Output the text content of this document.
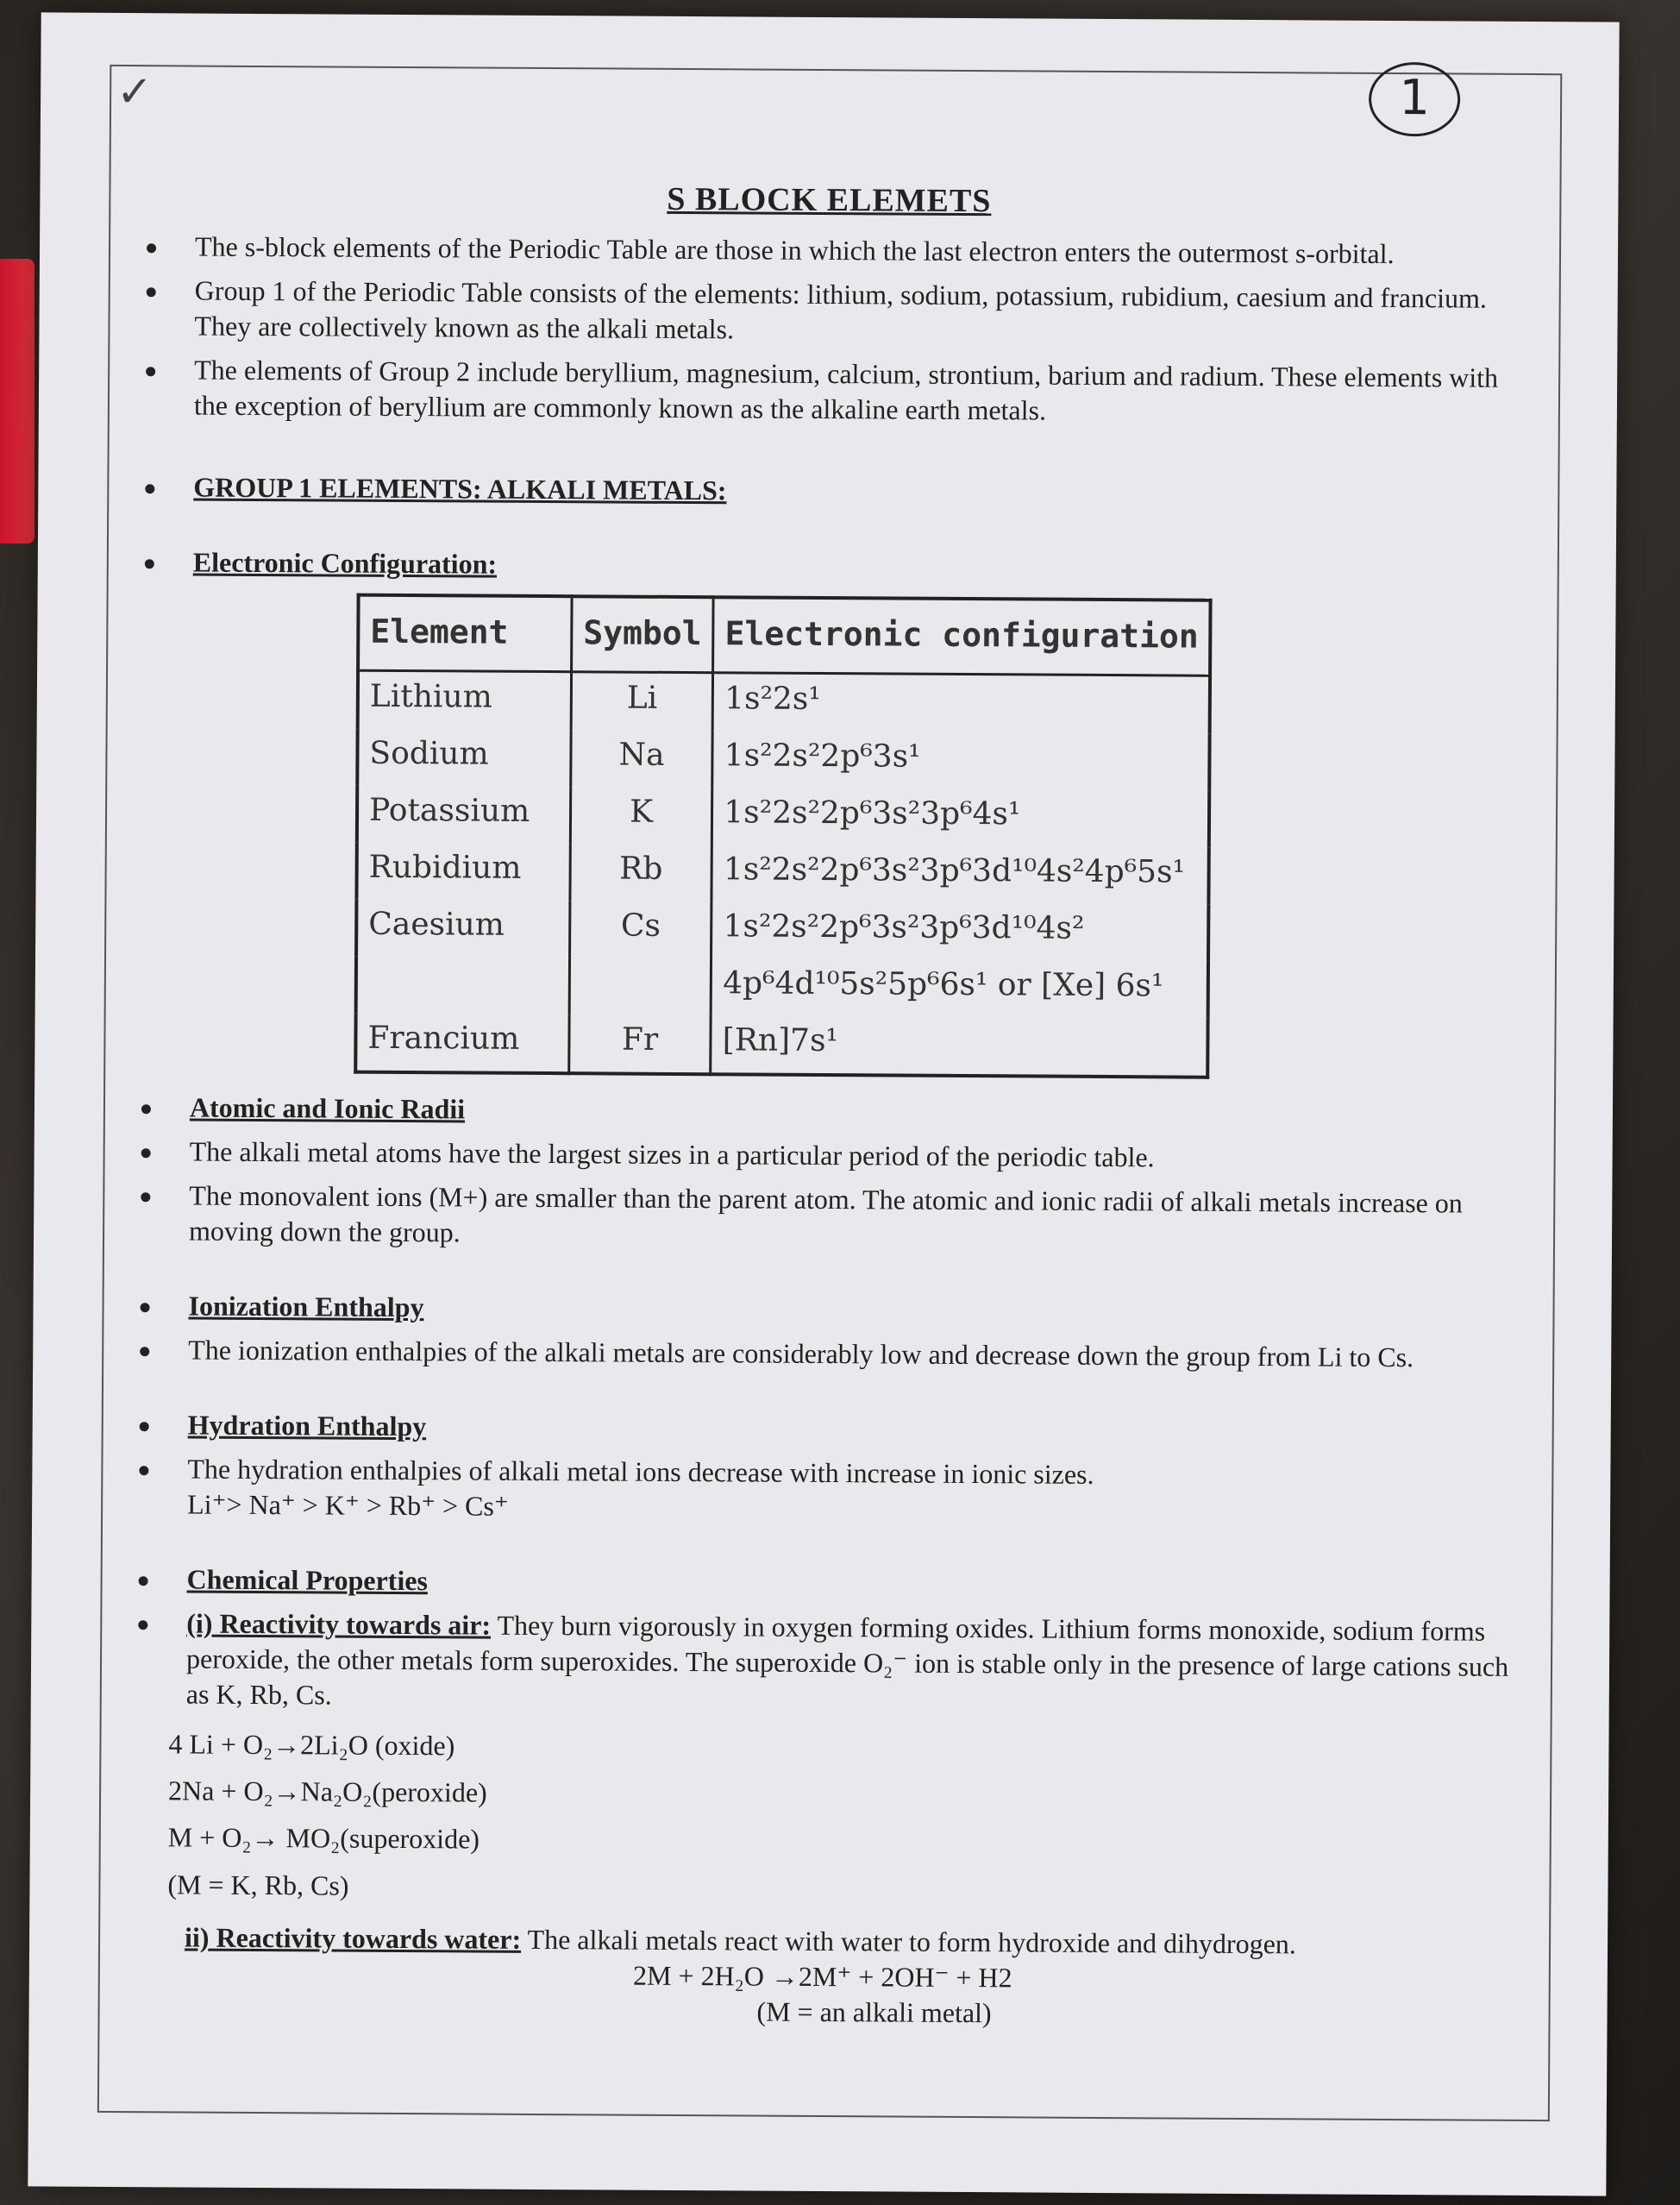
✓	1
S BLOCK ELEMETS
The s-block elements of the Periodic Table are those in which the last electron enters the outermost s-orbital.
Group 1 of the Periodic Table consists of the elements: lithium, sodium, potassium, rubidium, caesium and francium. They are collectively known as the alkali metals.
The elements of Group 2 include beryllium, magnesium, calcium, strontium, barium and radium. These elements with the exception of beryllium are commonly known as the alkaline earth metals.
GROUP 1 ELEMENTS: ALKALI METALS:
Electronic Configuration:
Element	Symbol	Electronic configuration
Lithium	Li	1s²2s¹
Sodium	Na	1s²2s²2p⁶3s¹
Potassium	K	1s²2s²2p⁶3s²3p⁶4s¹
Rubidium	Rb	1s²2s²2p⁶3s²3p⁶3d¹⁰4s²4p⁶5s¹
Caesium	Cs	1s²2s²2p⁶3s²3p⁶3d¹⁰4s²
		4p⁶4d¹⁰5s²5p⁶6s¹ or [Xe] 6s¹
Francium	Fr	[Rn]7s¹
Atomic and Ionic Radii
The alkali metal atoms have the largest sizes in a particular period of the periodic table.
The monovalent ions (M+) are smaller than the parent atom. The atomic and ionic radii of alkali metals increase on moving down the group.
Ionization Enthalpy
The ionization enthalpies of the alkali metals are considerably low and decrease down the group from Li to Cs.
Hydration Enthalpy
The hydration enthalpies of alkali metal ions decrease with increase in ionic sizes.
Li⁺> Na⁺ > K⁺ > Rb⁺ > Cs⁺
Chemical Properties
(i) Reactivity towards air: They burn vigorously in oxygen forming oxides. Lithium forms monoxide, sodium forms peroxide, the other metals form superoxides. The superoxide O₂⁻ ion is stable only in the presence of large cations such as K, Rb, Cs.
4 Li + O₂→2Li₂O (oxide)
2Na + O₂→Na₂O₂(peroxide)
M + O₂→ MO₂(superoxide)
(M = K, Rb, Cs)
ii) Reactivity towards water: The alkali metals react with water to form hydroxide and dihydrogen.
2M + 2H₂O →2M⁺ + 2OH⁻ + H2
(M = an alkali metal)
